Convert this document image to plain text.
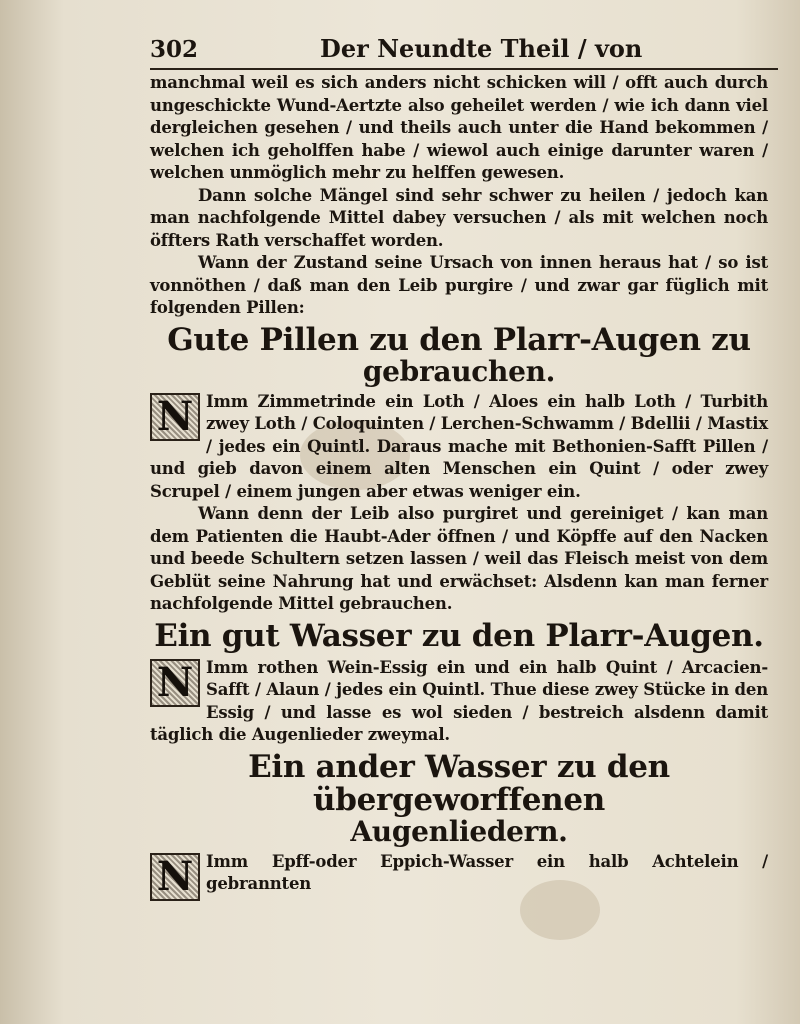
302	Der Neundte Theil / von

manchmal weil es sich anders nicht schicken will / offt auch durch ungeschickte Wund-Aertzte also geheilet werden / wie ich dann viel dergleichen gesehen / und theils auch unter die Hand bekommen / welchen ich geholffen habe / wiewol auch einige darunter waren / welchen unmöglich mehr zu helffen gewesen.

Dann solche Mängel sind sehr schwer zu heilen / jedoch kan man nachfolgende Mittel dabey versuchen / als mit welchen noch öffters Rath verschaffet worden.

Wann der Zustand seine Ursach von innen heraus hat / so ist vonnöthen / daß man den Leib purgire / und zwar gar füglich mit folgenden Pillen:

Gute Pillen zu den Plarr-Augen zu
gebrauchen.
N Imm Zimmetrinde ein Loth / Aloes ein halb Loth / Turbith zwey Loth / Coloquinten / Lerchen-Schwamm / Bdellii / Mastix / jedes ein Quintl. Daraus mache mit Bethonien-Safft Pillen / und gieb davon einem alten Menschen ein Quint / oder zwey Scrupel / einem jungen aber etwas weniger ein.

Wann denn der Leib also purgiret und gereiniget / kan man dem Patienten die Haubt-Ader öffnen / und Köpffe auf den Nacken und beede Schultern setzen lassen / weil das Fleisch meist von dem Geblüt seine Nahrung hat und erwächset: Alsdenn kan man ferner nachfolgende Mittel gebrauchen.

Ein gut Wasser zu den Plarr-Augen.
N Imm rothen Wein-Essig ein und ein halb Quint / Arcacien-Safft / Alaun / jedes ein Quintl. Thue diese zwey Stücke in den Essig / und lasse es wol sieden / bestreich alsdenn damit täglich die Augenlieder zweymal.

Ein ander Wasser zu den übergeworffenen
Augenliedern.
N Imm Epff-oder Eppich-Wasser ein halb Achtelein / gebrannten
